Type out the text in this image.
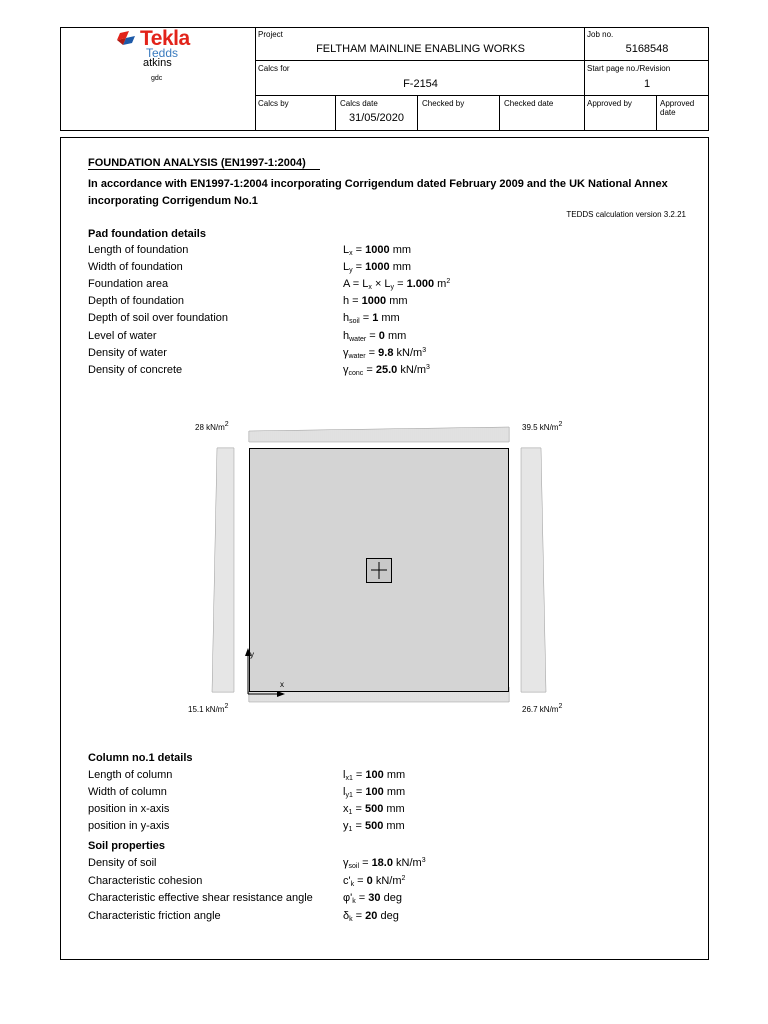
Tekla
Tedds
atkins
gdc
Project
FELTHAM MAINLINE ENABLING WORKS
Job no.
5168548
Calcs for
F-2154
Start page no./Revision
1
Calcs by	Calcs date
31/05/2020
Checked by	Checked date	Approved by	Approved date
FOUNDATION ANALYSIS (EN1997-1:2004)
In accordance with EN1997-1:2004 incorporating Corrigendum dated February 2009 and the UK National Annex
incorporating Corrigendum No.1
TEDDS calculation version 3.2.21
Pad foundation details
Length of foundation	$L_x = 1000$ mm
Width of foundation	$L_y = 1000$ mm
Foundation area	$A = L_x \times L_y = 1.000$ $m^2$
Depth of foundation	h = 1000 mm
Depth of soil over foundation	$h_{soil} = 1$ mm
Level of water	$h_{water} = 0$ mm
Density of water	$\gamma_{water} = 9.8$ $kN/m^3$
Density of concrete	$\gamma_{conc} = 25.0$ $kN/m^3$
28 $kN/m^2$	39.5 $kN/m^2$
15.1 $kN/m^2$	26.7 $kN/m^2$
y
x
Column no.1 details
Length of column	$l_{x1} = 100$ mm
Width of column	$l_{y1} = 100$ mm
position in x-axis	$x_1 = 500$ mm
position in y-axis	$y_1 = 500$ mm
Soil properties
Density of soil	$\gamma_{soil} = 18.0$ $kN/m^3$
Characteristic cohesion	$c'_k = 0$ $kN/m^2$
Characteristic effective shear resistance angle	$\varphi'_k = 30$ deg
Characteristic friction angle	$\delta_k = 20$ deg
